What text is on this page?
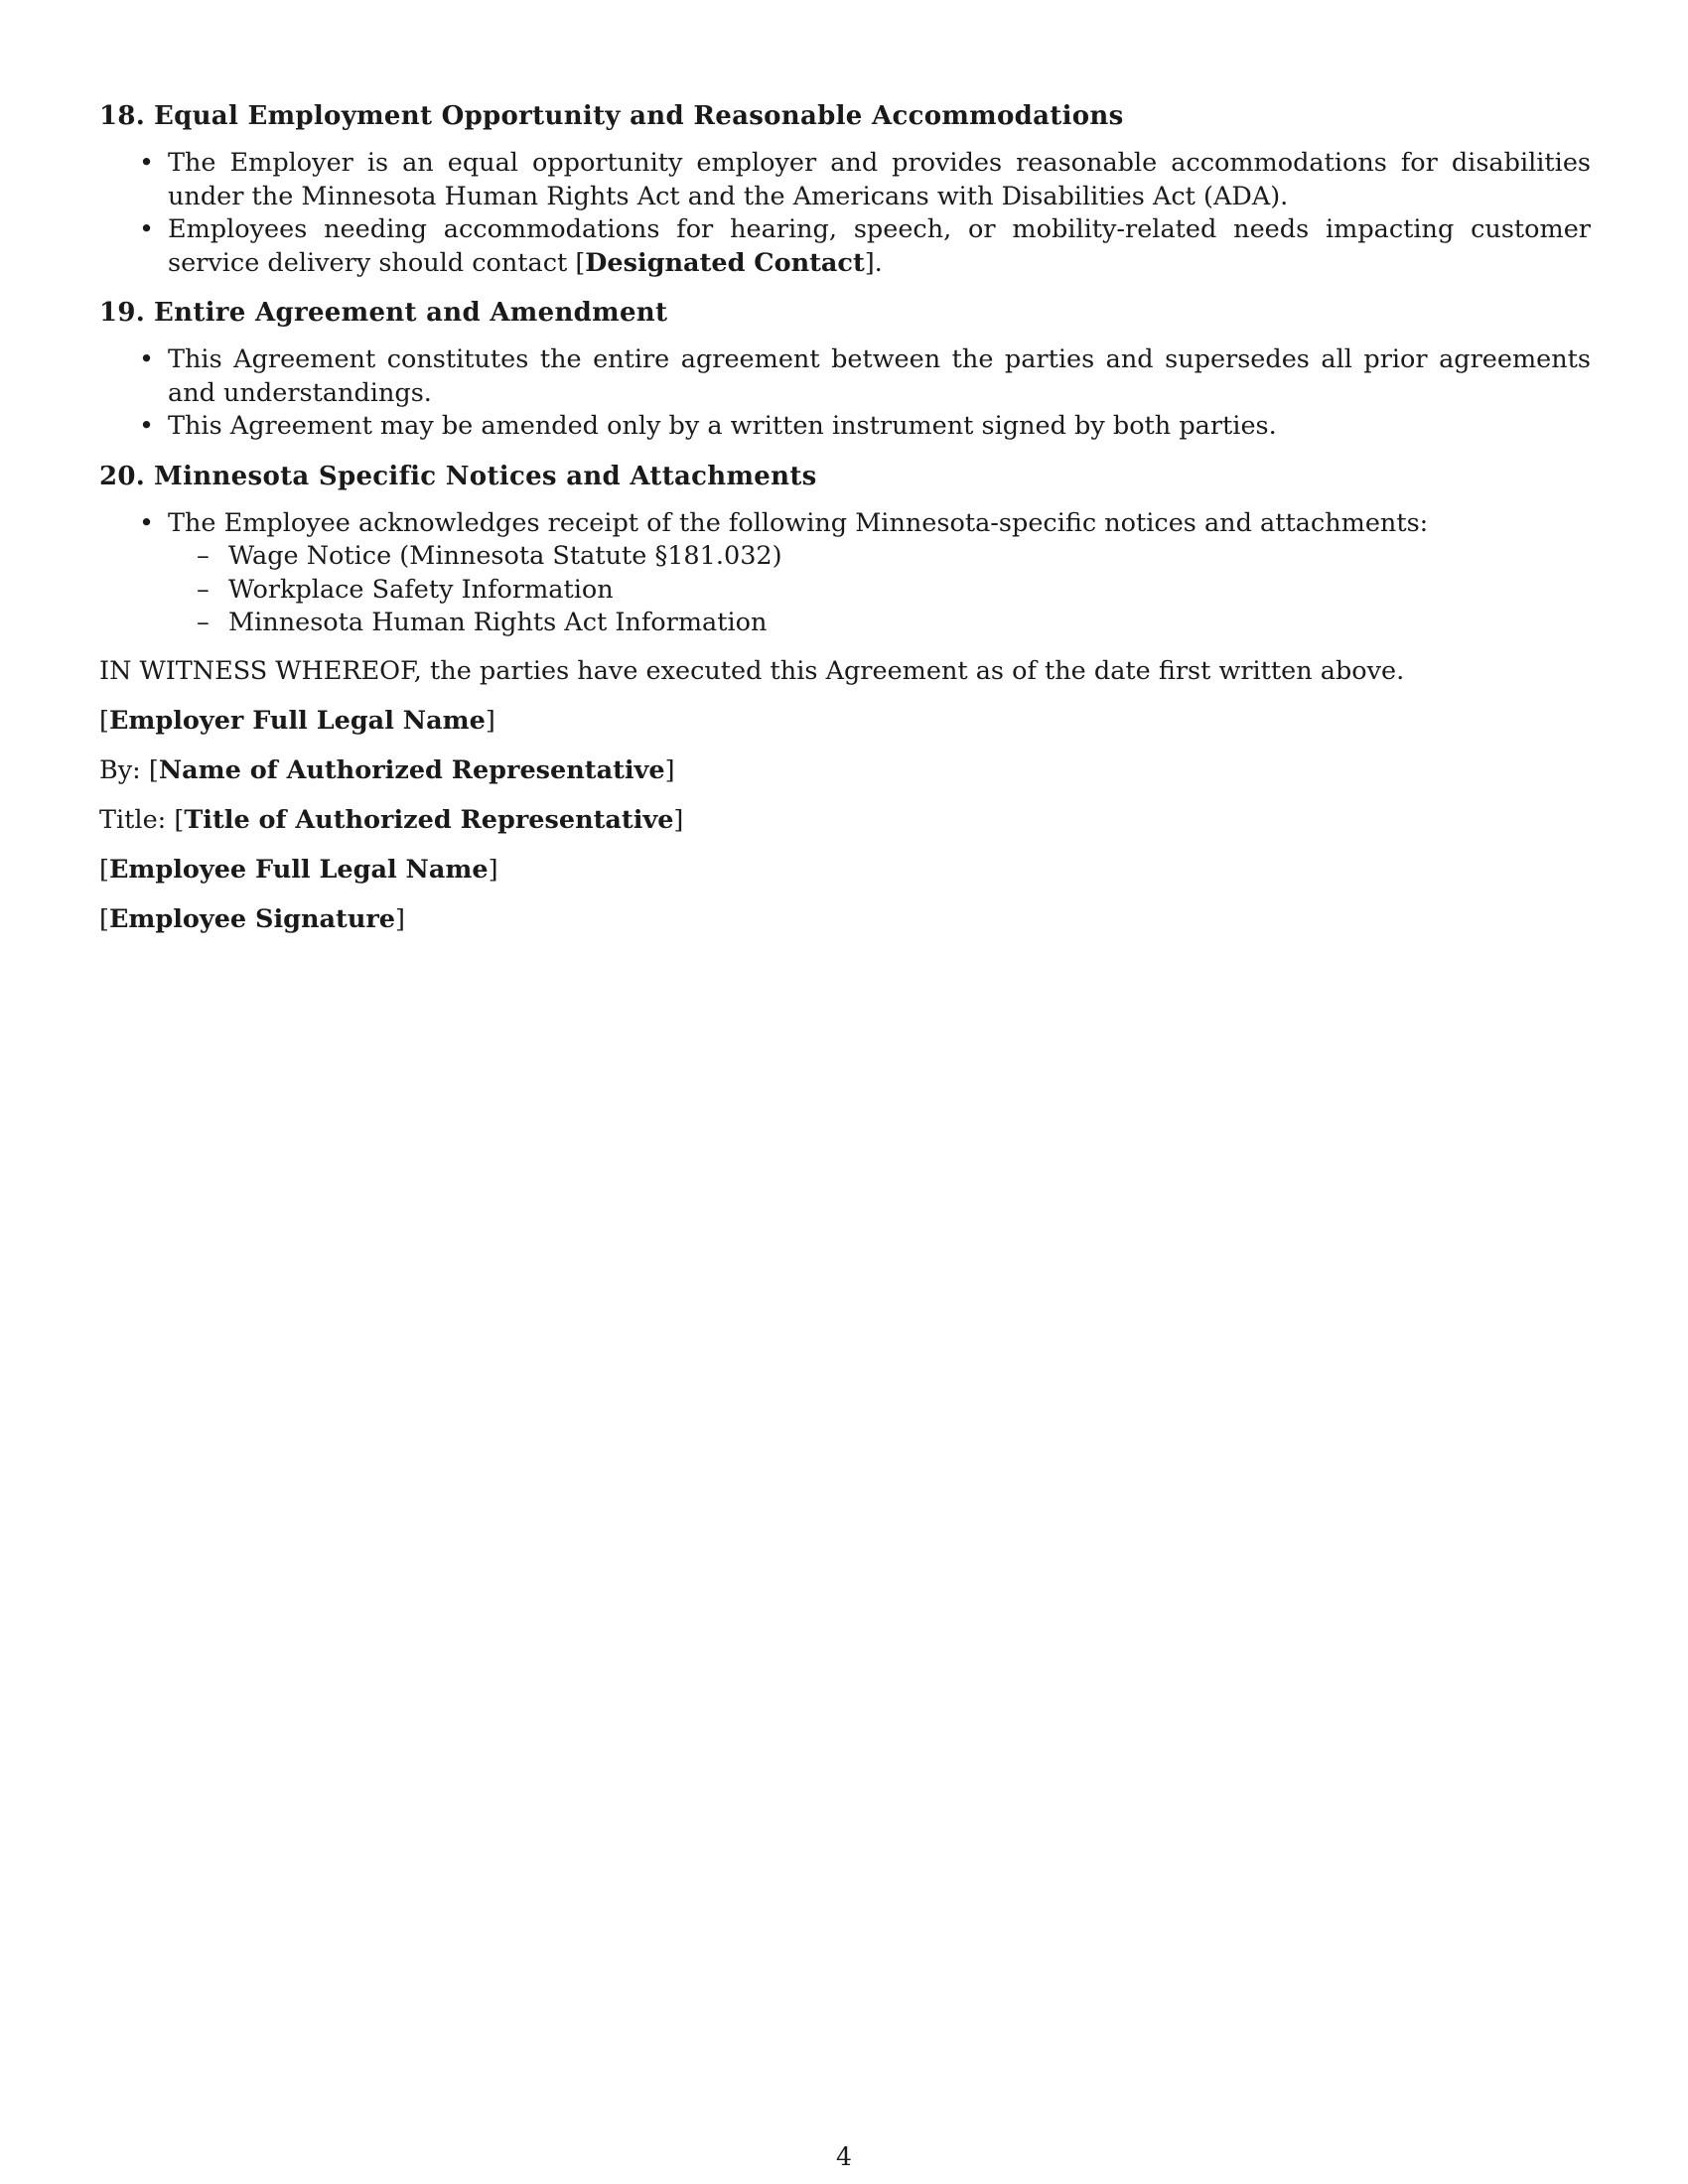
18. Equal Employment Opportunity and Reasonable Accommodations
• The Employer is an equal opportunity employer and provides reasonable accommodations for disabilities under the Minnesota Human Rights Act and the Americans with Disabilities Act (ADA).
• Employees needing accommodations for hearing, speech, or mobility-related needs impacting customer service delivery should contact [Designated Contact].
19. Entire Agreement and Amendment
• This Agreement constitutes the entire agreement between the parties and supersedes all prior agreements and understandings.
• This Agreement may be amended only by a written instrument signed by both parties.
20. Minnesota Specific Notices and Attachments
• The Employee acknowledges receipt of the following Minnesota-specific notices and attachments:
– Wage Notice (Minnesota Statute §181.032)
– Workplace Safety Information
– Minnesota Human Rights Act Information

IN WITNESS WHEREOF, the parties have executed this Agreement as of the date first written above.

[Employer Full Legal Name]

By: [Name of Authorized Representative]

Title: [Title of Authorized Representative]

[Employee Full Legal Name]

[Employee Signature]

4
